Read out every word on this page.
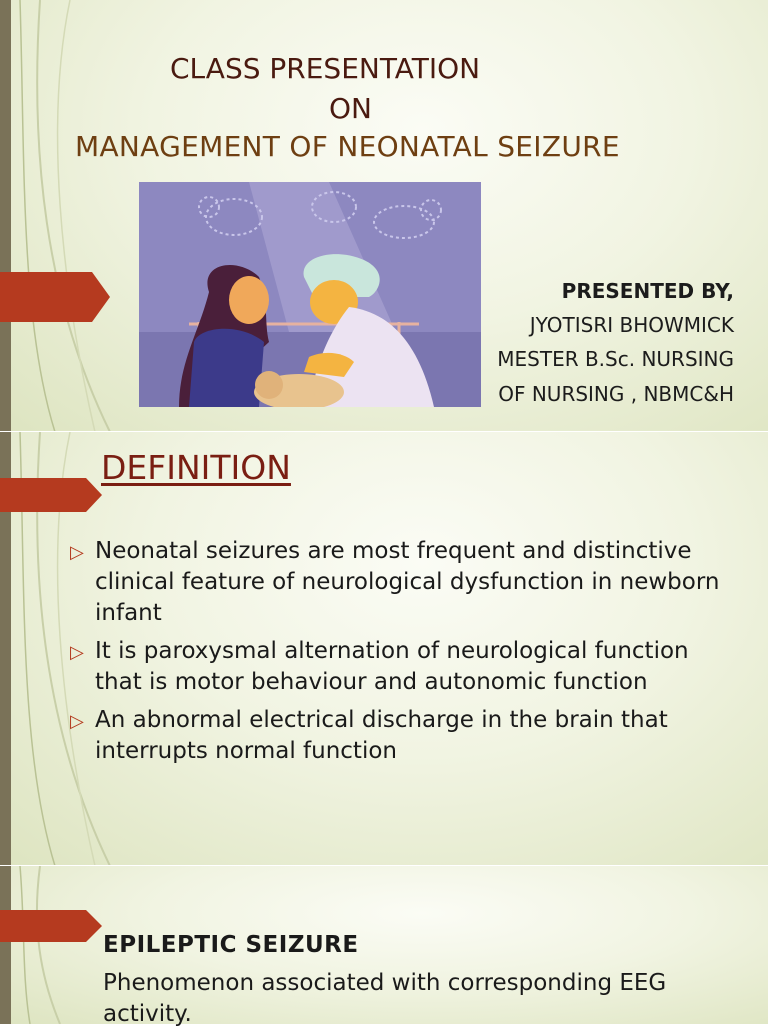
CLASS PRESENTATION

ON

MANAGEMENT OF NEONATAL SEIZURE

PRESENTED BY,

JYOTISRI BHOWMICK

MESTER B.Sc. NURSING

OF NURSING , NBMC&H

DEFINITION

▷ Neonatal seizures are most frequent and distinctive clinical feature of neurological dysfunction in newborn infant
▷ It is paroxysmal alternation of neurological function that is motor behaviour and autonomic function
▷ An abnormal electrical discharge in the brain that interrupts normal function

EPILEPTIC SEIZURE

Phenomenon associated with corresponding EEG activity.
